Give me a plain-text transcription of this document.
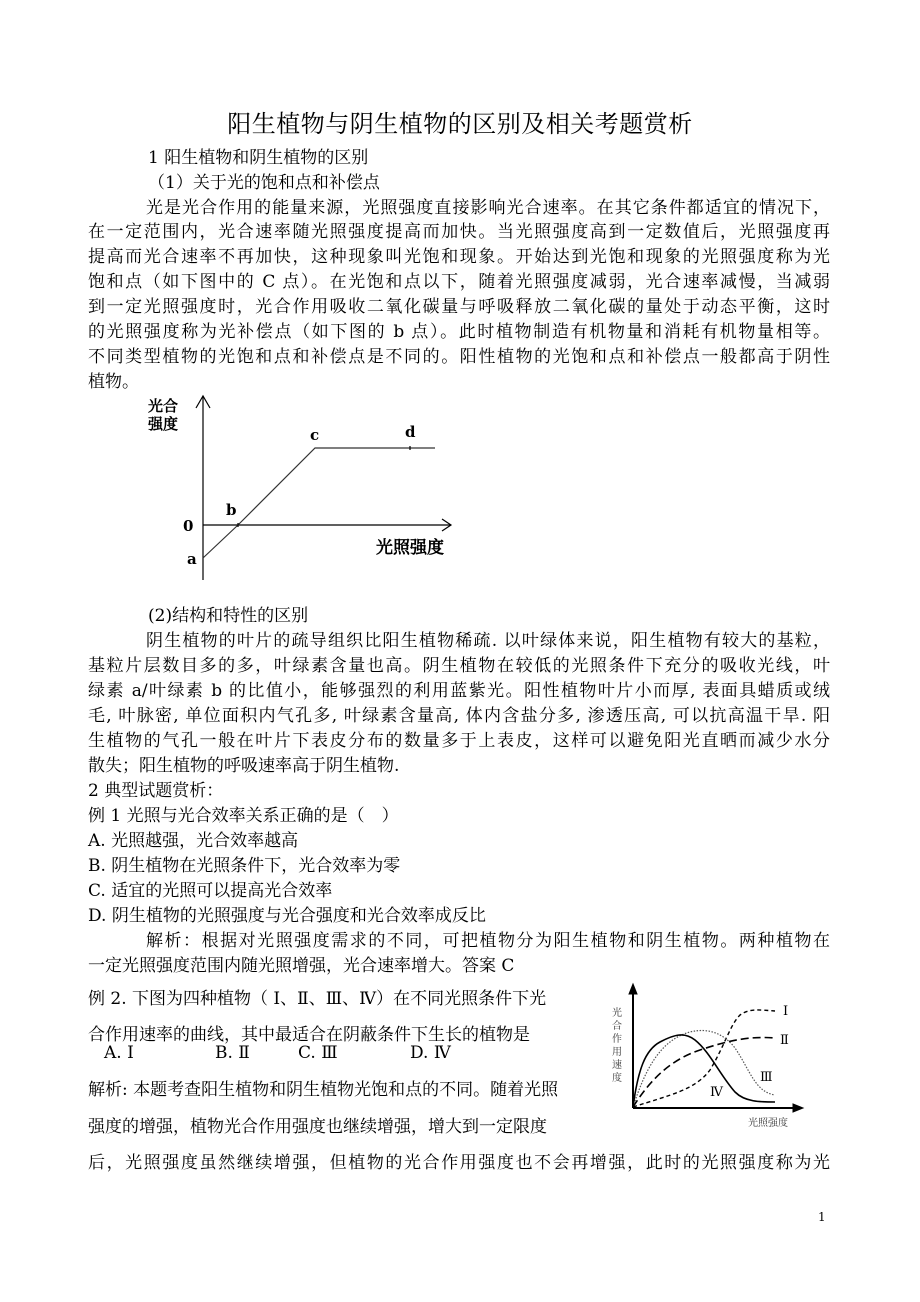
阳生植物与阴生植物的区别及相关考题赏析
1 阳生植物和阴生植物的区别
（1）关于光的饱和点和补偿点
光是光合作用的能量来源，光照强度直接影响光合速率。在其它条件都适宜的情况下，
在一定范围内，光合速率随光照强度提高而加快。当光照强度高到一定数值后，光照强度再
提高而光合速率不再加快，这种现象叫光饱和现象。开始达到光饱和现象的光照强度称为光
饱和点（如下图中的 C 点）。在光饱和点以下，随着光照强度减弱，光合速率减慢，当减弱
到一定光照强度时，光合作用吸收二氧化碳量与呼吸释放二氧化碳的量处于动态平衡，这时
的光照强度称为光补偿点（如下图的 b 点）。此时植物制造有机物量和消耗有机物量相等。
不同类型植物的光饱和点和补偿点是不同的。阳性植物的光饱和点和补偿点一般都高于阴性
植物。
光合
强度
c	d
b
0
a
光照强度
(2)结构和特性的区别
阴生植物的叶片的疏导组织比阳生植物稀疏. 以叶绿体来说，阳生植物有较大的基粒，
基粒片层数目多的多，叶绿素含量也高。阴生植物在较低的光照条件下充分的吸收光线，叶
绿素 a/叶绿素 b 的比值小，能够强烈的利用蓝紫光。阳性植物叶片小而厚, 表面具蜡质或绒
毛, 叶脉密, 单位面积内气孔多, 叶绿素含量高, 体内含盐分多, 渗透压高, 可以抗高温干旱. 阳
生植物的气孔一般在叶片下表皮分布的数量多于上表皮，这样可以避免阳光直晒而减少水分
散失；阳生植物的呼吸速率高于阴生植物.
2 典型试题赏析：
例 1 光照与光合效率关系正确的是（　）
A. 光照越强，光合效率越高
B. 阴生植物在光照条件下，光合效率为零
C. 适宜的光照可以提高光合效率
D. 阴生植物的光照强度与光合强度和光合效率成反比
解析：根据对光照强度需求的不同，可把植物分为阳生植物和阴生植物。两种植物在
一定光照强度范围内随光照增强，光合速率增大。答案 C
例 2. 下图为四种植物（ Ⅰ、Ⅱ、Ⅲ、Ⅳ）在不同光照条件下光
合作用速率的曲线，其中最适合在阴蔽条件下生长的植物是
A. Ⅰ	B. Ⅱ	C. Ⅲ	D. Ⅳ
解析: 本题考查阳生植物和阴生植物光饱和点的不同。随着光照
强度的增强，植物光合作用强度也继续增强，增大到一定限度
后，光照强度虽然继续增强，但植物的光合作用强度也不会再增强，此时的光照强度称为光
光合作用速度
光照强度
Ⅰ
Ⅱ
Ⅲ
Ⅳ
1
